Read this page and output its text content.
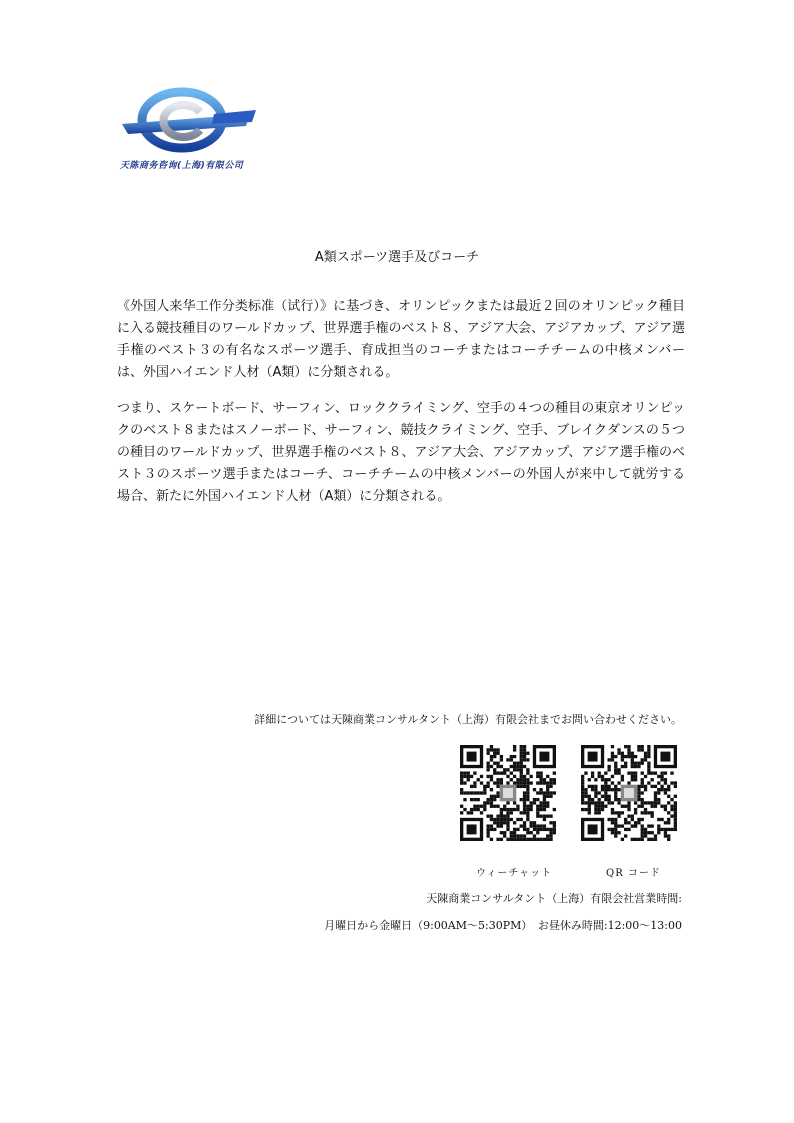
天陈商务咨询(上海)有限公司
A類スポーツ選手及びコーチ

《外国人来华工作分类标准（试行）》に基づき、オリンピックまたは最近２回のオリンピック種目に入る競技種目のワールドカップ、世界選手権のベスト８、アジア大会、アジアカップ、アジア選手権のベスト３の有名なスポーツ選手、育成担当のコーチまたはコーチチームの中核メンバーは、外国ハイエンド人材（A類）に分類される。

つまり、スケートボード、サーフィン、ロッククライミング、空手の４つの種目の東京オリンピックのベスト８またはスノーボード、サーフィン、競技クライミング、空手、ブレイクダンスの５つの種目のワールドカップ、世界選手権のベスト８、アジア大会、アジアカップ、アジア選手権のベスト３のスポーツ選手またはコーチ、コーチチームの中核メンバーの外国人が来中して就労する場合、新たに外国ハイエンド人材（A類）に分類される。

詳細については天陳商業コンサルタント（上海）有限会社までお問い合わせください。
ウィーチャット	QR コード
天陳商業コンサルタント（上海）有限会社営業時間:
月曜日から金曜日（9:00AM～5:30PM）　お昼休み時間:12:00～13:00
